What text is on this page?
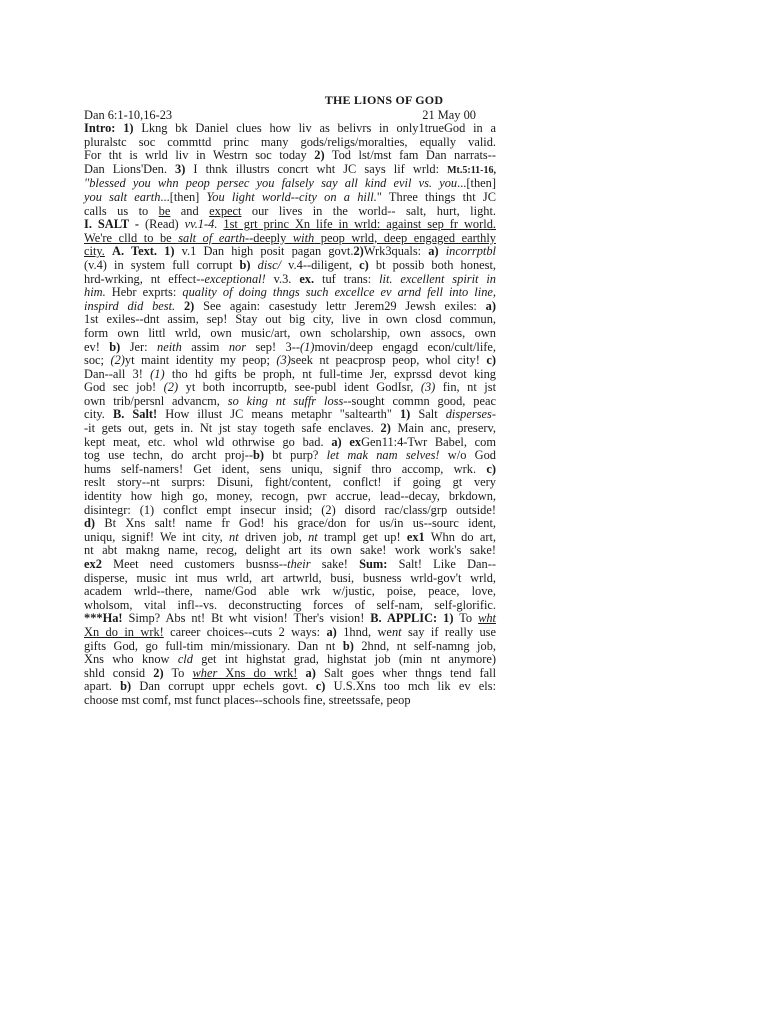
THE LIONS OF GOD
Dan 6:1-10,16-23	21 May 00
Intro: 1) Lkng bk Daniel clues how liv as belivrs in only1trueGod in a
pluralstc soc commttd princ many gods/religs/moralties, equally valid.
For tht is wrld liv in Westrn soc today 2) Tod lst/mst fam Dan narrats--
Dan Lions'Den. 3) I thnk illustrs concrt wht JC says lif wrld: Mt.5:11-16,
"blessed you whn peop persec you falsely say all kind evil vs. you...[then]
you salt earth...[then] You light world--city on a hill." Three things tht JC
calls us to be and expect our lives in the world-- salt, hurt, light.
I. SALT - (Read) vv.1-4. 1st grt princ Xn life in wrld: against sep fr world.
We're clld to be salt of earth--deeply with peop wrld, deep engaged earthly
city. A. Text. 1) v.1 Dan high posit pagan govt.2)Wrk3quals: a) incorrptbl
(v.4) in system full corrupt b) disc/ v.4--diligent, c) bt possib both honest,
hrd-wrking, nt effect--exceptional! v.3. ex. tuf trans: lit. excellent spirit in
him. Hebr exprts: quality of doing thngs such excellce ev arnd fell into line,
inspird did best. 2) See again: casestudy lettr Jerem29 Jewsh exiles: a)
1st exiles--dnt assim, sep! Stay out big city, live in own closd commun,
form own littl wrld, own music/art, own scholarship, own assocs, own
ev! b) Jer: neith assim nor sep! 3--(1)movin/deep engagd econ/cult/life,
soc; (2)yt maint identity my peop; (3)seek nt peacprosp peop, whol city! c)
Dan--all 3! (1) tho hd gifts be proph, nt full-time Jer, exprssd devot king
God sec job! (2) yt both incorruptb, see-publ ident GodIsr, (3) fin, nt jst
own trib/persnl advancm, so king nt suffr loss--sought commn good, peac
city. B. Salt! How illust JC means metaphr "saltearth" 1) Salt disperses-
-it gets out, gets in. Nt jst stay togeth safe enclaves. 2) Main anc, preserv,
kept meat, etc. whol wld othrwise go bad. a) exGen11:4-Twr Babel, com
tog use techn, do archt proj--b) bt purp? let mak nam selves! w/o God
hums self-namers! Get ident, sens uniqu, signif thro accomp, wrk. c)
reslt story--nt surprs: Disuni, fight/content, conflct! if going gt very
identity how high go, money, recogn, pwr accrue, lead--decay, brkdown,
disintegr: (1) conflct empt insecur insid; (2) disord rac/class/grp outside!
d) Bt Xns salt! name fr God! his grace/don for us/in us--sourc ident,
uniqu, signif! We int city, nt driven job, nt trampl get up! ex1 Whn do art,
nt abt makng name, recog, delight art its own sake! work work's sake!
ex2 Meet need customers busnss--their sake! Sum: Salt! Like Dan--
disperse, music int mus wrld, art artwrld, busi, busness wrld-gov't wrld,
academ wrld--there, name/God able wrk w/justic, poise, peace, love,
wholsom, vital infl--vs. deconstructing forces of self-nam, self-glorific.
***Ha! Simp? Abs nt! Bt wht vision! Ther's vision! B. APPLIC: 1) To wht
Xn do in wrk! career choices--cuts 2 ways: a) 1hnd, went say if really use
gifts God, go full-tim min/missionary. Dan nt b) 2hnd, nt self-namng job,
Xns who know cld get int highstat grad, highstat job (min nt anymore)
shld consid 2) To wher Xns do wrk! a) Salt goes wher thngs tend fall
apart. b) Dan corrupt uppr echels govt. c) U.S.Xns too mch lik ev els:
choose mst comf, mst funct places--schools fine, streetssafe, peop
